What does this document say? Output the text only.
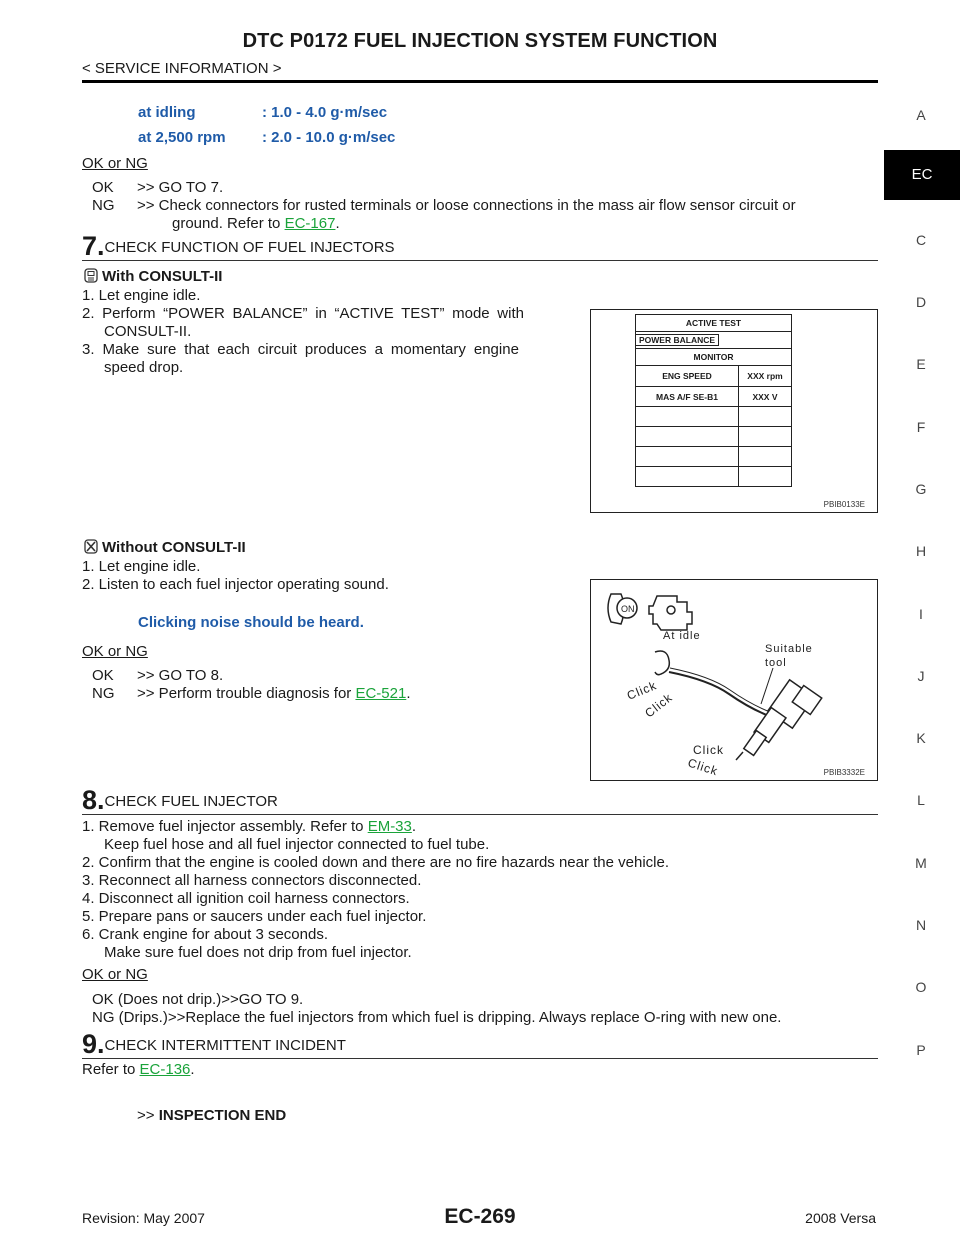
DTC P0172 FUEL INJECTION SYSTEM FUNCTION
< SERVICE INFORMATION >
A
EC
C
D
E
F
G
H
I
J
K
L
M
N
O
P
at idling	: 1.0 - 4.0 g·m/sec
at 2,500 rpm : 2.0 - 10.0 g·m/sec
OK or NG
OK >> GO TO 7.
NG >> Check connectors for rusted terminals or loose connections in the mass air flow sensor circuit or
ground. Refer to EC-167.
7.CHECK FUNCTION OF FUEL INJECTORS
With CONSULT-II
1. Let engine idle.
2. Perform “POWER BALANCE” in “ACTIVE TEST” mode with
CONSULT-II.
3. Make sure that each circuit produces a momentary engine
speed drop.
ACTIVE TEST	
POWER BALANCE	
MONITOR	
ENG SPEED	XXX rpm
MAS A/F SE-B1	XXX V

PBIB0133E
Without CONSULT-II
1. Let engine idle.
2. Listen to each fuel injector operating sound.
Clicking noise should be heard.
OK or NG
OK >> GO TO 8.
NG >> Perform trouble diagnosis for EC-521.
ON
At idle
Suitable
tool
Click
Click
Click
Click	PBIB3332E
8.CHECK FUEL INJECTOR
1. Remove fuel injector assembly. Refer to EM-33.
Keep fuel hose and all fuel injector connected to fuel tube.
2. Confirm that the engine is cooled down and there are no fire hazards near the vehicle.
3. Reconnect all harness connectors disconnected.
4. Disconnect all ignition coil harness connectors.
5. Prepare pans or saucers under each fuel injector.
6. Crank engine for about 3 seconds.
Make sure fuel does not drip from fuel injector.
OK or NG
OK (Does not drip.)>>GO TO 9.
NG (Drips.)>>Replace the fuel injectors from which fuel is dripping. Always replace O-ring with new one.
9.CHECK INTERMITTENT INCIDENT
Refer to EC-136.
>> INSPECTION END
Revision: May 2007	EC-269	2008 Versa
